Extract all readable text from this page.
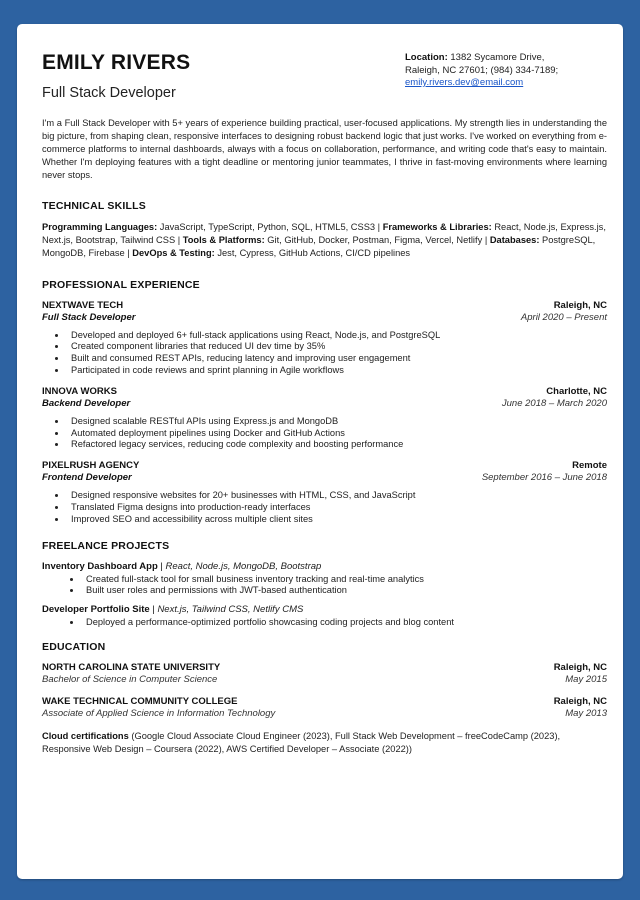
EMILY RIVERS

Full Stack Developer

Location: 1382 Sycamore Drive,
Raleigh, NC 27601; (984) 334-7189;
emily.rivers.dev@email.com
I'm a Full Stack Developer with 5+ years of experience building practical, user-focused applications. My strength lies in understanding the big picture, from shaping clean, responsive interfaces to designing robust backend logic that just works. I've worked on everything from e-commerce platforms to internal dashboards, always with a focus on collaboration, performance, and writing code that's easy to maintain. Whether I'm deploying features with a tight deadline or mentoring junior teammates, I thrive in fast-moving environments where learning never stops.
TECHNICAL SKILLS
Programming Languages: JavaScript, TypeScript, Python, SQL, HTML5, CSS3 | Frameworks & Libraries: React, Node.js, Express.js, Next.js, Bootstrap, Tailwind CSS | Tools & Platforms: Git, GitHub, Docker, Postman, Figma, Vercel, Netlify | Databases: PostgreSQL, MongoDB, Firebase | DevOps & Testing: Jest, Cypress, GitHub Actions, CI/CD pipelines
PROFESSIONAL EXPERIENCE
NEXTWAVE TECH	Raleigh, NC
Full Stack Developer	April 2020 – Present
• Developed and deployed 6+ full-stack applications using React, Node.js, and PostgreSQL
• Created component libraries that reduced UI dev time by 35%
• Built and consumed REST APIs, reducing latency and improving user engagement
• Participated in code reviews and sprint planning in Agile workflows
INNOVA WORKS	Charlotte, NC
Backend Developer	June 2018 – March 2020
• Designed scalable RESTful APIs using Express.js and MongoDB
• Automated deployment pipelines using Docker and GitHub Actions
• Refactored legacy services, reducing code complexity and boosting performance
PIXELRUSH AGENCY	Remote
Frontend Developer	September 2016 – June 2018
• Designed responsive websites for 20+ businesses with HTML, CSS, and JavaScript
• Translated Figma designs into production-ready interfaces
• Improved SEO and accessibility across multiple client sites
FREELANCE PROJECTS
Inventory Dashboard App | React, Node.js, MongoDB, Bootstrap
• Created full-stack tool for small business inventory tracking and real-time analytics
• Built user roles and permissions with JWT-based authentication
Developer Portfolio Site | Next.js, Tailwind CSS, Netlify CMS
• Deployed a performance-optimized portfolio showcasing coding projects and blog content
EDUCATION
NORTH CAROLINA STATE UNIVERSITY	Raleigh, NC
Bachelor of Science in Computer Science	May 2015
WAKE TECHNICAL COMMUNITY COLLEGE	Raleigh, NC
Associate of Applied Science in Information Technology	May 2013
Cloud certifications (Google Cloud Associate Cloud Engineer (2023), Full Stack Web Development – freeCodeCamp (2023), Responsive Web Design – Coursera (2022), AWS Certified Developer – Associate (2022))
